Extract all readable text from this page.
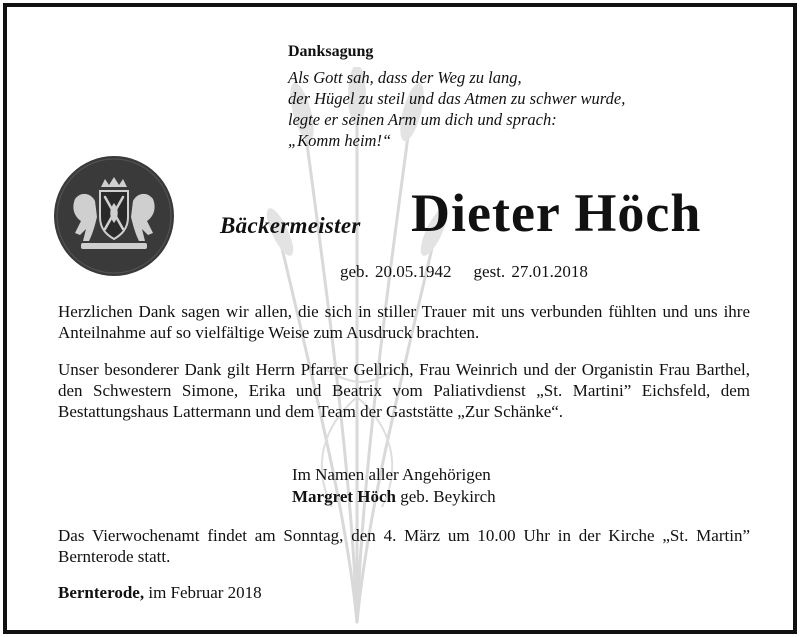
Danksagung
Als Gott sah, dass der Weg zu lang,
der Hügel zu steil und das Atmen zu schwer wurde,
legte er seinen Arm um dich und sprach:
„Komm heim!“
Bäckermeister Dieter Höch
geb. 20.05.1942 gest. 27.01.2018
Herzlichen Dank sagen wir allen, die sich in stiller Trauer mit uns verbunden fühlten und uns ihre Anteilnahme auf so vielfältige Weise zum Ausdruck brachten.
Unser besonderer Dank gilt Herrn Pfarrer Gellrich, Frau Weinrich und der Organistin Frau Barthel, den Schwestern Simone, Erika und Beatrix vom Paliativdienst „St. Martini” Eichsfeld, dem Bestattungshaus Lattermann und dem Team der Gaststätte „Zur Schänke“.
Im Namen aller Angehörigen
Margret Höch geb. Beykirch
Das Vierwochenamt findet am Sonntag, den 4. März um 10.00 Uhr in der Kirche „St. Martin” Bernterode statt.
Bernterode, im Februar 2018
